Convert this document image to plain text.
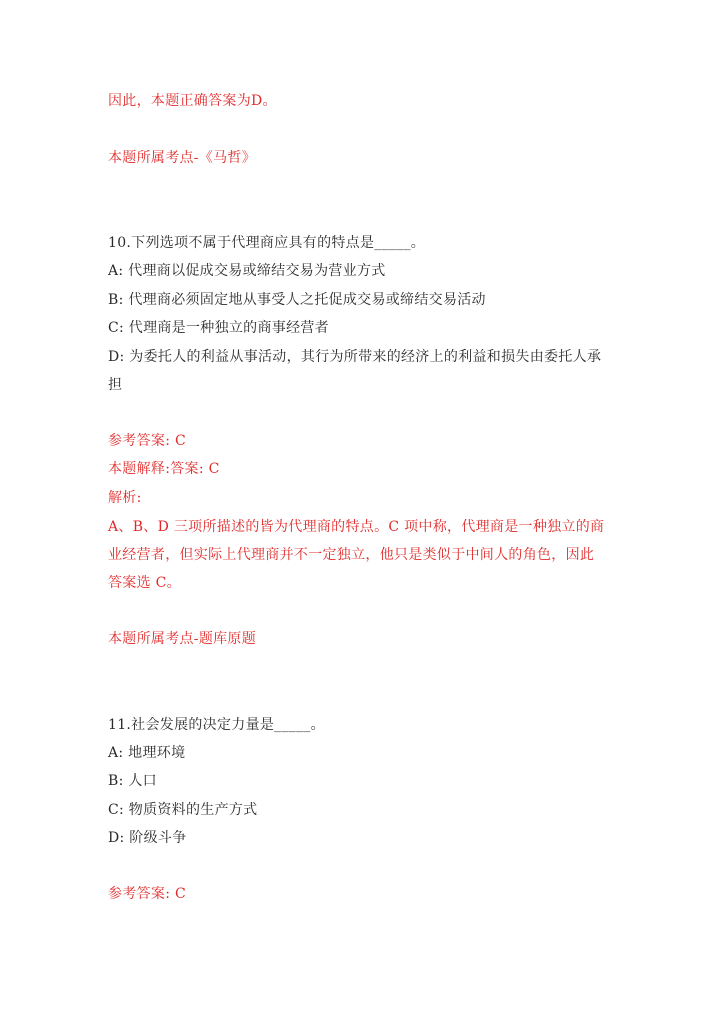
因此，本题正确答案为D。
本题所属考点-《马哲》
10.下列选项不属于代理商应具有的特点是_____。
A: 代理商以促成交易或缔结交易为营业方式
B: 代理商必须固定地从事受人之托促成交易或缔结交易活动
C: 代理商是一种独立的商事经营者
D: 为委托人的利益从事活动，其行为所带来的经济上的利益和损失由委托人承
担
参考答案: C
本题解释:答案: C
解析:
A、B、D 三项所描述的皆为代理商的特点。C 项中称，代理商是一种独立的商
业经营者，但实际上代理商并不一定独立，他只是类似于中间人的角色，因此
答案选 C。
本题所属考点-题库原题
11.社会发展的决定力量是_____。
A: 地理环境
B: 人口
C: 物质资料的生产方式
D: 阶级斗争
参考答案: C
